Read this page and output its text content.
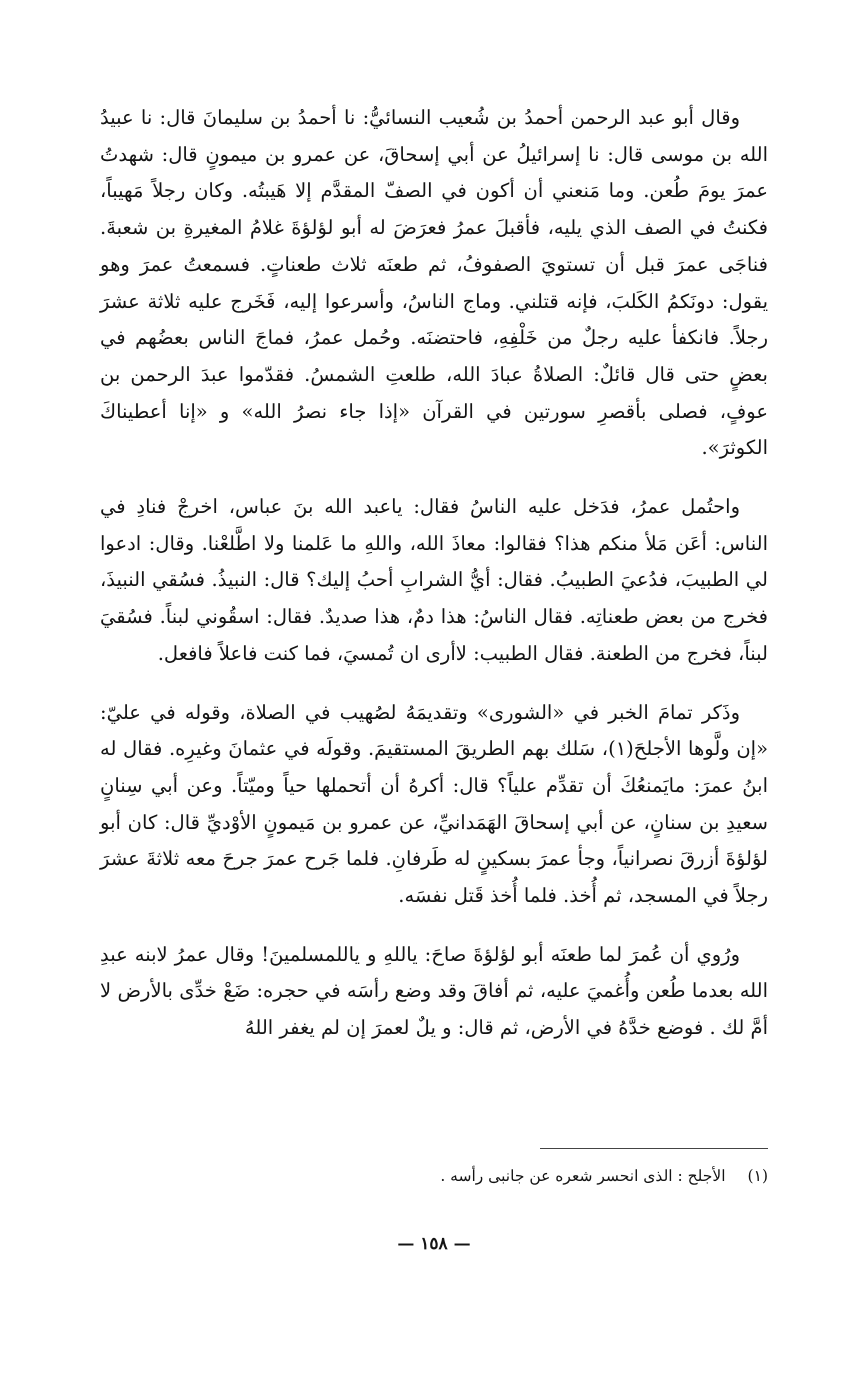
وقال أبو عبد الرحمن أحمدُ بن شُعيب النسائيُّ: نا أحمدُ بن سليمانَ قال: نا عبيدُ الله بن موسى قال: نا إسرائيلُ عن أبي إسحاقَ، عن عمرو بن ميمونٍ قال: شهدتُ عمرَ يومَ طُعن. وما مَنعني أن أكون في الصفّ المقدَّم إلا هَيبتُه. وكان رجلاً مَهيباً، فكنتُ في الصف الذي يليه، فأقبلَ عمرُ فعرَضَ له أبو لؤلؤةَ غلامُ المغيرةِ بن شعبةَ. فناجَى عمرَ قبل أن تستويَ الصفوفُ، ثم طعنَه ثلاث طعناتٍ. فسمعتُ عمرَ وهو يقول: دونَكمُ الكَلبَ، فإنه قتلني. وماج الناسُ، وأسرعوا إليه، فَخَرج عليه ثلاثة عشرَ رجلاً. فانكفأ عليه رجلٌ من خَلْفِهِ، فاحتضنَه. وحُمل عمرُ، فماجَ الناس بعضُهم في بعضٍ حتى قال قائلٌ: الصلاةُ عبادَ الله، طلعتِ الشمسُ. فقدّموا عبدَ الرحمن بن عوفٍ، فصلى بأقصرِ سورتين في القرآن «إذا جاء نصرُ الله» و «إنا أعطيناكَ الكوثرَ».

واحتُمل عمرُ، فدَخل عليه الناسُ فقال: ياعبد الله بنَ عباس، اخرجْ فنادِ في الناس: أعَن مَلأ منكم هذا؟ فقالوا: معاذَ الله، واللهِ ما عَلمنا ولا اطَّلعْنا. وقال: ادعوا لي الطبيبَ، فدُعيَ الطبيبُ. فقال: أيُّ الشرابِ أحبُ إليك؟ قال: النبيذُ. فسُقي النبيذَ، فخرج من بعض طعناتِه. فقال الناسُ: هذا دمٌ، هذا صديدٌ. فقال: اسقُوني لبناً. فسُقيَ لبناً، فخرج من الطعنة. فقال الطبيب: لاأرى ان تُمسيَ، فما كنت فاعلاً فافعل.

وذَكر تمامَ الخبر في «الشورى» وتقديمَهُ لصُهيب في الصلاة، وقوله في عليّ: «إن ولَّوها الأجلحَ(١)، سَلك بهم الطريقَ المستقيمَ. وقولَه في عثمانَ وغيرِه. فقال له ابنُ عمرَ: مايَمنعُكَ أن تقدِّم علياً؟ قال: أكرهُ أن أتحملها حياً وميّتاً. وعن أبي سِنانٍ سعيدِ بن سنانٍ، عن أبي إسحاقَ الهَمَدانيِّ، عن عمرو بن مَيمونٍ الأوْديِّ قال: كان أبو لؤلؤةَ أزرقَ نصرانياً، وجأ عمرَ بسكينٍ له طَرفانِ. فلما جَرح عمرَ جرحَ معه ثلاثةَ عشرَ رجلاً في المسجد، ثم أُخذ. فلما أُخذ قَتل نفسَه.

ورُوي أن عُمرَ لما طعنَه أبو لؤلؤةَ صاحَ: ياللهِ و ياللمسلمينَ! وقال عمرُ لابنه عبدِ الله بعدما طُعن وأُغميَ عليه، ثم أفاقَ وقد وضع رأسَه في حجره: ضَعْ خدِّى بالأرض لا أمَّ لك . فوضع خدَّهُ في الأرض، ثم قال: و يلٌ لعمرَ إن لم يغفر اللهُ

(١)الأجلح : الذى انحسر شعره عن جانبى رأسه .
— ١٥٨ —
